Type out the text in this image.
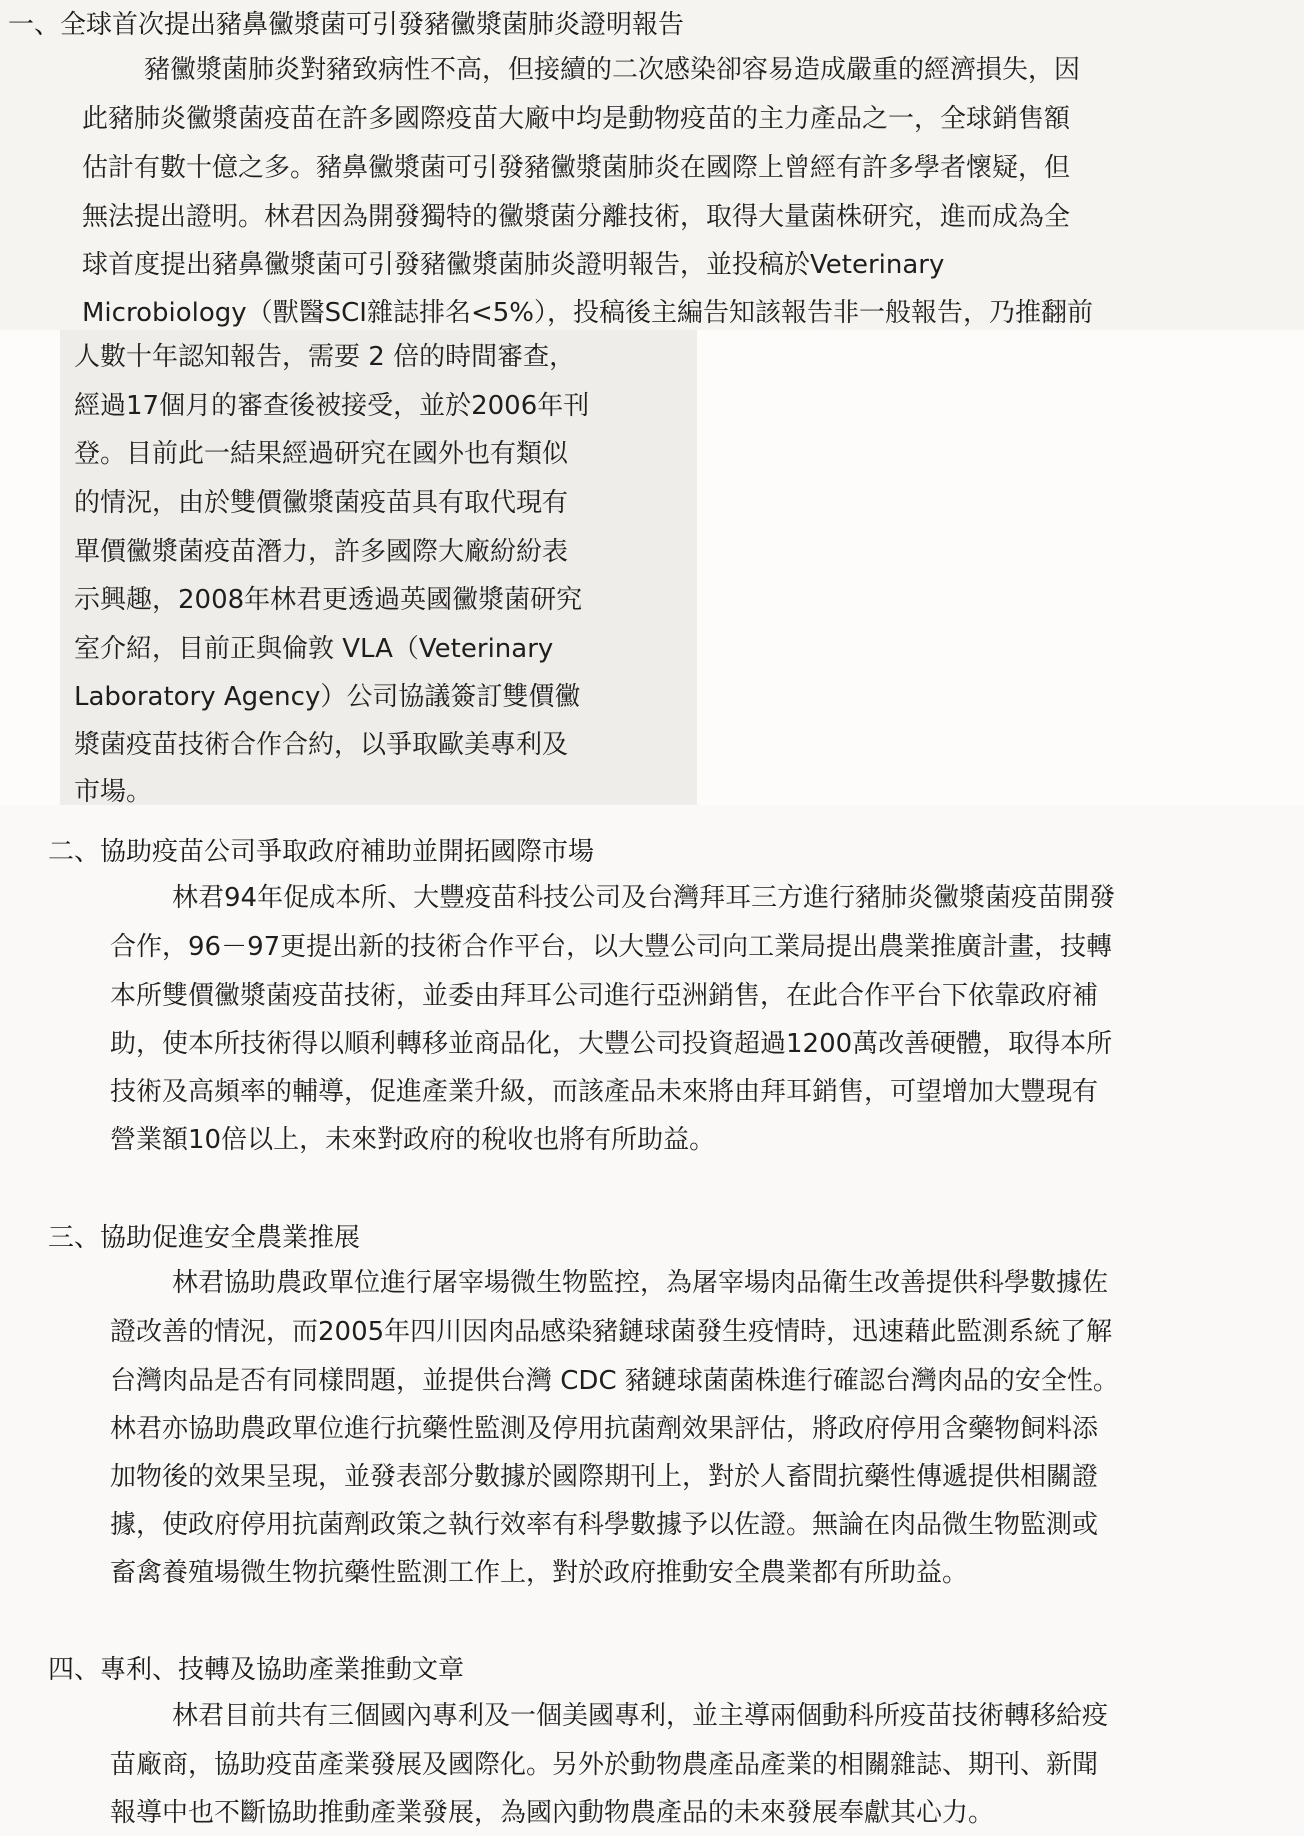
一、全球首次提出豬鼻黴漿菌可引發豬黴漿菌肺炎證明報告
豬黴漿菌肺炎對豬致病性不高，但接續的二次感染卻容易造成嚴重的經濟損失，因
此豬肺炎黴漿菌疫苗在許多國際疫苗大廠中均是動物疫苗的主力產品之一，全球銷售額
估計有數十億之多。豬鼻黴漿菌可引發豬黴漿菌肺炎在國際上曾經有許多學者懷疑，但
無法提出證明。林君因為開發獨特的黴漿菌分離技術，取得大量菌株研究，進而成為全
球首度提出豬鼻黴漿菌可引發豬黴漿菌肺炎證明報告，並投稿於Veterinary
Microbiology（獸醫SCI雜誌排名<5%），投稿後主編告知該報告非一般報告，乃推翻前
人數十年認知報告，需要 2 倍的時間審查，
經過17個月的審查後被接受，並於2006年刊
登。目前此一結果經過研究在國外也有類似
的情況，由於雙價黴漿菌疫苗具有取代現有
單價黴漿菌疫苗潛力，許多國際大廠紛紛表
示興趣，2008年林君更透過英國黴漿菌研究
室介紹，目前正與倫敦 VLA（Veterinary
Laboratory Agency）公司協議簽訂雙價黴
漿菌疫苗技術合作合約，以爭取歐美專利及
市場。
二、協助疫苗公司爭取政府補助並開拓國際市場
林君94年促成本所、大豐疫苗科技公司及台灣拜耳三方進行豬肺炎黴漿菌疫苗開發
合作，96－97更提出新的技術合作平台，以大豐公司向工業局提出農業推廣計畫，技轉
本所雙價黴漿菌疫苗技術，並委由拜耳公司進行亞洲銷售，在此合作平台下依靠政府補
助，使本所技術得以順利轉移並商品化，大豐公司投資超過1200萬改善硬體，取得本所
技術及高頻率的輔導，促進產業升級，而該產品未來將由拜耳銷售，可望增加大豐現有
營業額10倍以上，未來對政府的稅收也將有所助益。
三、協助促進安全農業推展
林君協助農政單位進行屠宰場微生物監控，為屠宰場肉品衛生改善提供科學數據佐
證改善的情況，而2005年四川因肉品感染豬鏈球菌發生疫情時，迅速藉此監測系統了解
台灣肉品是否有同樣問題，並提供台灣 CDC 豬鏈球菌菌株進行確認台灣肉品的安全性。
林君亦協助農政單位進行抗藥性監測及停用抗菌劑效果評估，將政府停用含藥物飼料添
加物後的效果呈現，並發表部分數據於國際期刊上，對於人畜間抗藥性傳遞提供相關證
據，使政府停用抗菌劑政策之執行效率有科學數據予以佐證。無論在肉品微生物監測或
畜禽養殖場微生物抗藥性監測工作上，對於政府推動安全農業都有所助益。
四、專利、技轉及協助產業推動文章
林君目前共有三個國內專利及一個美國專利，並主導兩個動科所疫苗技術轉移給疫
苗廠商，協助疫苗產業發展及國際化。另外於動物農產品產業的相關雜誌、期刊、新聞
報導中也不斷協助推動產業發展，為國內動物農產品的未來發展奉獻其心力。
